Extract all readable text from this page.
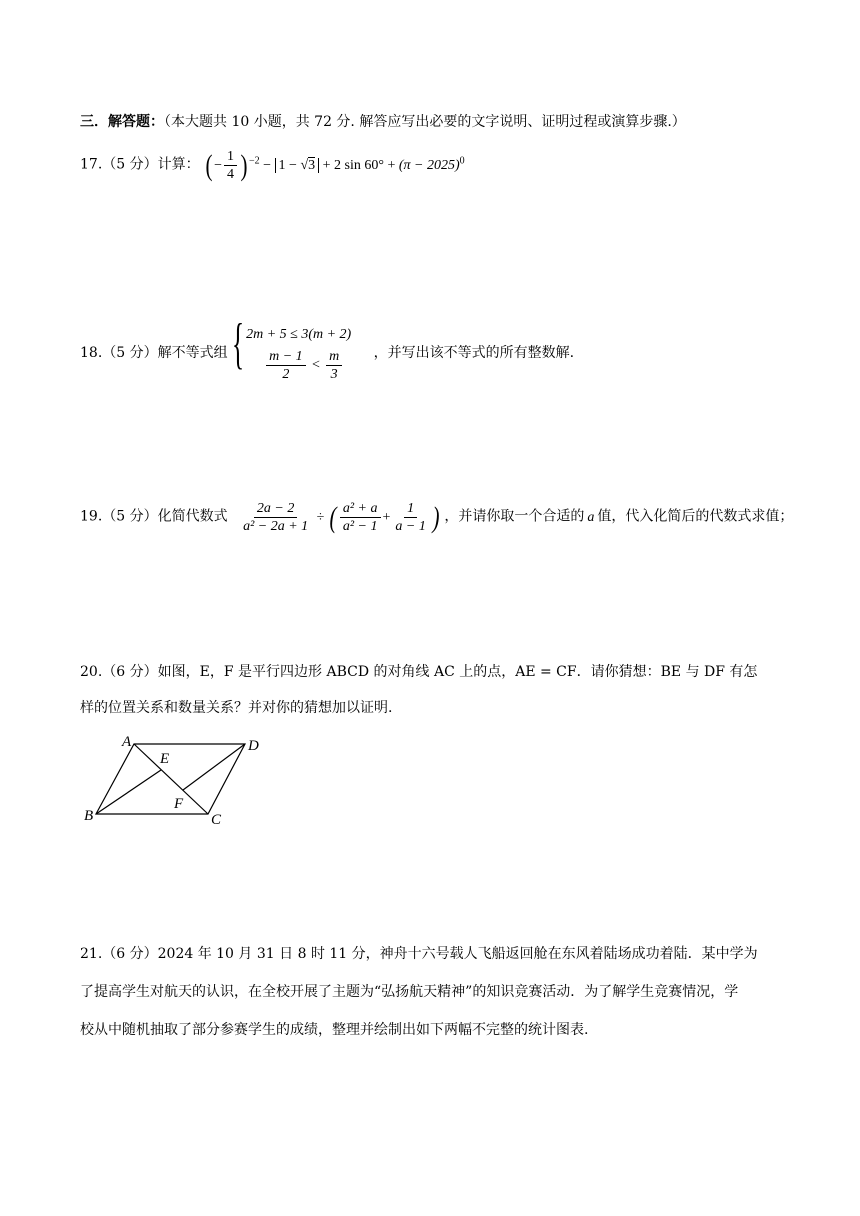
三．解答题：（本大题共 10 小题，共 72 分. 解答应写出必要的文字说明、证明过程或演算步骤.）
17.（5 分）计算： ( − $\frac{1}{4}$ ) $^{-2}$ − 1 − √3 + 2 $\sin 60^\circ + (\pi - 2025)^0$
18.（5 分）解不等式组 { 2m + 5 ≤ 3(m + 2)
$\frac{m - 1}{2} < \frac{m}{3}$ ，并写出该不等式的所有整数解.
19.（5 分）化简代数式 $\frac{2a - 2}{\text{a² − 2a + 1}}$ ÷ ( $\frac{\text{a² + a}}{\text{a² − 1}} + \frac{1}{a - 1}$ ) ，并请你取一个合适的 a 值，代入化简后的代数式求值；
20.（6 分）如图，E，F 是平行四边形 ABCD 的对角线 AC 上的点，AE = CF．请你猜想：BE 与 DF 有怎
样的位置关系和数量关系？并对你的猜想加以证明.
A	D
E
F
B	C
21.（6 分）2024 年 10 月 31 日 8 时 11 分，神舟十六号载人飞船返回舱在东风着陆场成功着陆．某中学为
了提高学生对航天的认识，在全校开展了主题为“弘扬航天精神”的知识竞赛活动．为了解学生竞赛情况，学
校从中随机抽取了部分参赛学生的成绩，整理并绘制出如下两幅不完整的统计图表.
